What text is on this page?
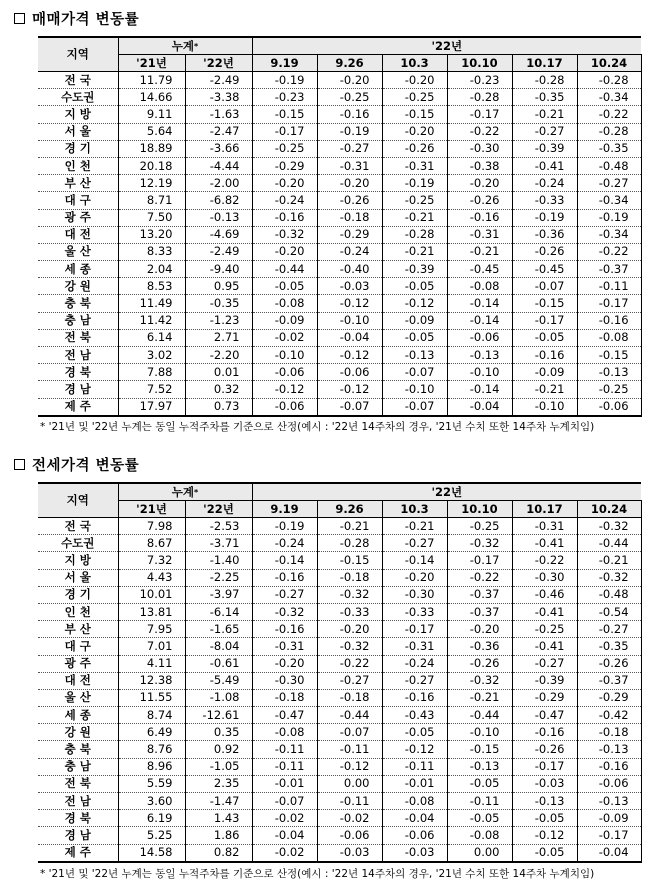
매매가격 변동률
지역	누계*		'22년					
	'21년	'22년	9.19	9.26	10.3	10.10	10.17	10.24
전 국	11.79	-2.49	-0.19	-0.20	-0.20	-0.23	-0.28	-0.28
수도권	14.66	-3.38	-0.23	-0.25	-0.25	-0.28	-0.35	-0.34
지 방	9.11	-1.63	-0.15	-0.16	-0.15	-0.17	-0.21	-0.22
서 울	5.64	-2.47	-0.17	-0.19	-0.20	-0.22	-0.27	-0.28
경 기	18.89	-3.66	-0.25	-0.27	-0.26	-0.30	-0.39	-0.35
인 천	20.18	-4.44	-0.29	-0.31	-0.31	-0.38	-0.41	-0.48
부 산	12.19	-2.00	-0.20	-0.20	-0.19	-0.20	-0.24	-0.27
대 구	8.71	-6.82	-0.24	-0.26	-0.25	-0.26	-0.33	-0.34
광 주	7.50	-0.13	-0.16	-0.18	-0.21	-0.16	-0.19	-0.19
대 전	13.20	-4.69	-0.32	-0.29	-0.28	-0.31	-0.36	-0.34
울 산	8.33	-2.49	-0.20	-0.24	-0.21	-0.21	-0.26	-0.22
세 종	2.04	-9.40	-0.44	-0.40	-0.39	-0.45	-0.45	-0.37
강 원	8.53	0.95	-0.05	-0.03	-0.05	-0.08	-0.07	-0.11
충 북	11.49	-0.35	-0.08	-0.12	-0.12	-0.14	-0.15	-0.17
충 남	11.42	-1.23	-0.09	-0.10	-0.09	-0.14	-0.17	-0.16
전 북	6.14	2.71	-0.02	-0.04	-0.05	-0.06	-0.05	-0.08
전 남	3.02	-2.20	-0.10	-0.12	-0.13	-0.13	-0.16	-0.15
경 북	7.88	0.01	-0.06	-0.06	-0.07	-0.10	-0.09	-0.13
경 남	7.52	0.32	-0.12	-0.12	-0.10	-0.14	-0.21	-0.25
제 주	17.97	0.73	-0.06	-0.07	-0.07	-0.04	-0.10	-0.06
* '21년 및 '22년 누계는 동일 누적주차를 기준으로 산정(예시 : '22년 14주차의 경우, '21년 수치 또한 14주차 누계치임)
전세가격 변동률
지역	누계*		'22년					
	'21년	'22년	9.19	9.26	10.3	10.10	10.17	10.24
전 국	7.98	-2.53	-0.19	-0.21	-0.21	-0.25	-0.31	-0.32
수도권	8.67	-3.71	-0.24	-0.28	-0.27	-0.32	-0.41	-0.44
지 방	7.32	-1.40	-0.14	-0.15	-0.14	-0.17	-0.22	-0.21
서 울	4.43	-2.25	-0.16	-0.18	-0.20	-0.22	-0.30	-0.32
경 기	10.01	-3.97	-0.27	-0.32	-0.30	-0.37	-0.46	-0.48
인 천	13.81	-6.14	-0.32	-0.33	-0.33	-0.37	-0.41	-0.54
부 산	7.95	-1.65	-0.16	-0.20	-0.17	-0.20	-0.25	-0.27
대 구	7.01	-8.04	-0.31	-0.32	-0.31	-0.36	-0.41	-0.35
광 주	4.11	-0.61	-0.20	-0.22	-0.24	-0.26	-0.27	-0.26
대 전	12.38	-5.49	-0.30	-0.27	-0.27	-0.32	-0.39	-0.37
울 산	11.55	-1.08	-0.18	-0.18	-0.16	-0.21	-0.29	-0.29
세 종	8.74	-12.61	-0.47	-0.44	-0.43	-0.44	-0.47	-0.42
강 원	6.49	0.35	-0.08	-0.07	-0.05	-0.10	-0.16	-0.18
충 북	8.76	0.92	-0.11	-0.11	-0.12	-0.15	-0.26	-0.13
충 남	8.96	-1.05	-0.11	-0.12	-0.11	-0.13	-0.17	-0.16
전 북	5.59	2.35	-0.01	0.00	-0.01	-0.05	-0.03	-0.06
전 남	3.60	-1.47	-0.07	-0.11	-0.08	-0.11	-0.13	-0.13
경 북	6.19	1.43	-0.02	-0.02	-0.04	-0.05	-0.05	-0.09
경 남	5.25	1.86	-0.04	-0.06	-0.06	-0.08	-0.12	-0.17
제 주	14.58	0.82	-0.02	-0.03	-0.03	0.00	-0.05	-0.04
* '21년 및 '22년 누계는 동일 누적주차를 기준으로 산정(예시 : '22년 14주차의 경우, '21년 수치 또한 14주차 누계치임)
